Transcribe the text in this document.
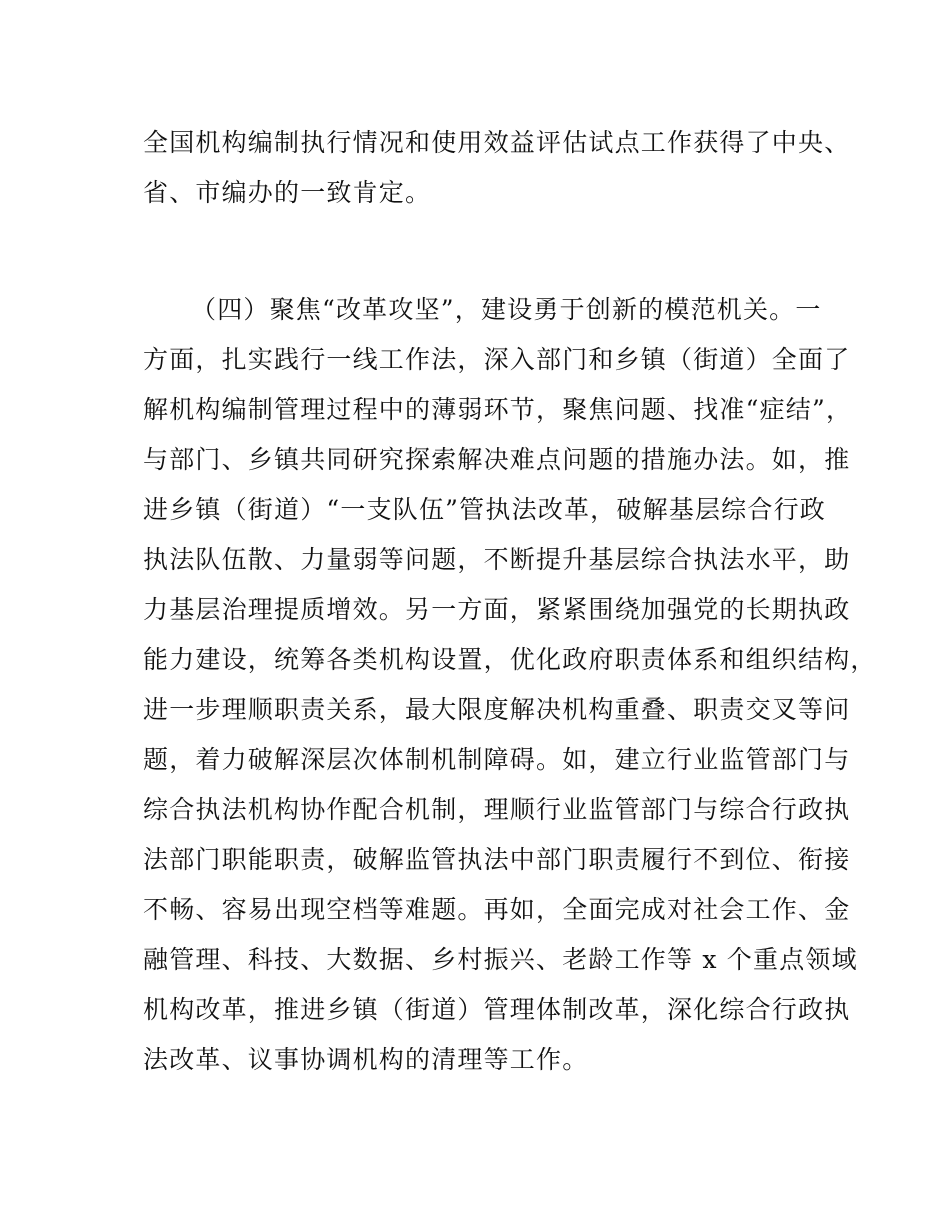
全国机构编制执行情况和使用效益评估试点工作获得了中央、
省、市编办的一致肯定。
（四）聚焦“改革攻坚”，建设勇于创新的模范机关。一
方面，扎实践行一线工作法，深入部门和乡镇（街道）全面了
解机构编制管理过程中的薄弱环节，聚焦问题、找准“症结”，
与部门、乡镇共同研究探索解决难点问题的措施办法。如，推
进乡镇（街道）“一支队伍”管执法改革，破解基层综合行政
执法队伍散、力量弱等问题，不断提升基层综合执法水平，助
力基层治理提质增效。另一方面，紧紧围绕加强党的长期执政
能力建设，统筹各类机构设置，优化政府职责体系和组织结构，
进一步理顺职责关系，最大限度解决机构重叠、职责交叉等问
题，着力破解深层次体制机制障碍。如，建立行业监管部门与
综合执法机构协作配合机制，理顺行业监管部门与综合行政执
法部门职能职责，破解监管执法中部门职责履行不到位、衔接
不畅、容易出现空档等难题。再如，全面完成对社会工作、金
融管理、科技、大数据、乡村振兴、老龄工作等 x 个重点领域
机构改革，推进乡镇（街道）管理体制改革，深化综合行政执
法改革、议事协调机构的清理等工作。
